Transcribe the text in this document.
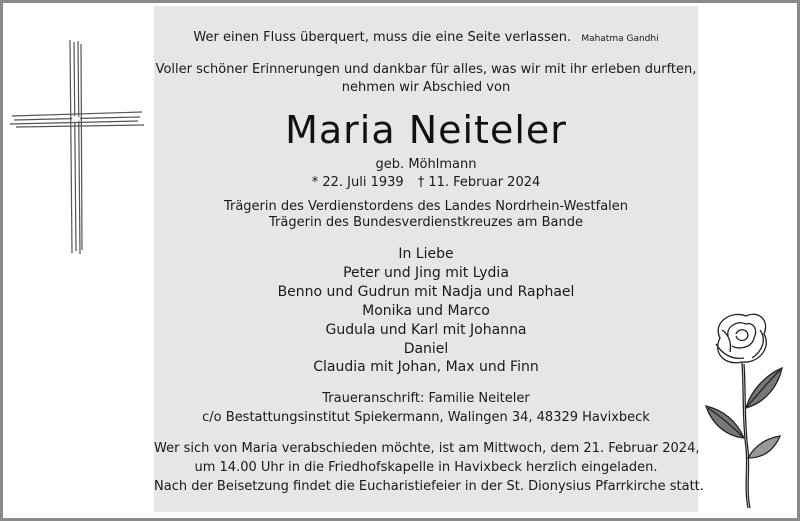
Wer einen Fluss überquert, muss die eine Seite verlassen. Mahatma Gandhi
Voller schöner Erinnerungen und dankbar für alles, was wir mit ihr erleben durften,
nehmen wir Abschied von
Maria Neiteler
geb. Möhlmann
* 22. Juli 1939 † 11. Februar 2024
Trägerin des Verdienstordens des Landes Nordrhein-Westfalen
Trägerin des Bundesverdienstkreuzes am Bande
In Liebe
Peter und Jing mit Lydia
Benno und Gudrun mit Nadja und Raphael
Monika und Marco
Gudula und Karl mit Johanna
Daniel
Claudia mit Johan, Max und Finn
Traueranschrift: Familie Neiteler
c/o Bestattungsinstitut Spiekermann, Walingen 34, 48329 Havixbeck
Wer sich von Maria verabschieden möchte, ist am Mittwoch, dem 21. Februar 2024,
um 14.00 Uhr in die Friedhofskapelle in Havixbeck herzlich eingeladen.
Nach der Beisetzung findet die Eucharistiefeier in der St. Dionysius Pfarrkirche statt.
